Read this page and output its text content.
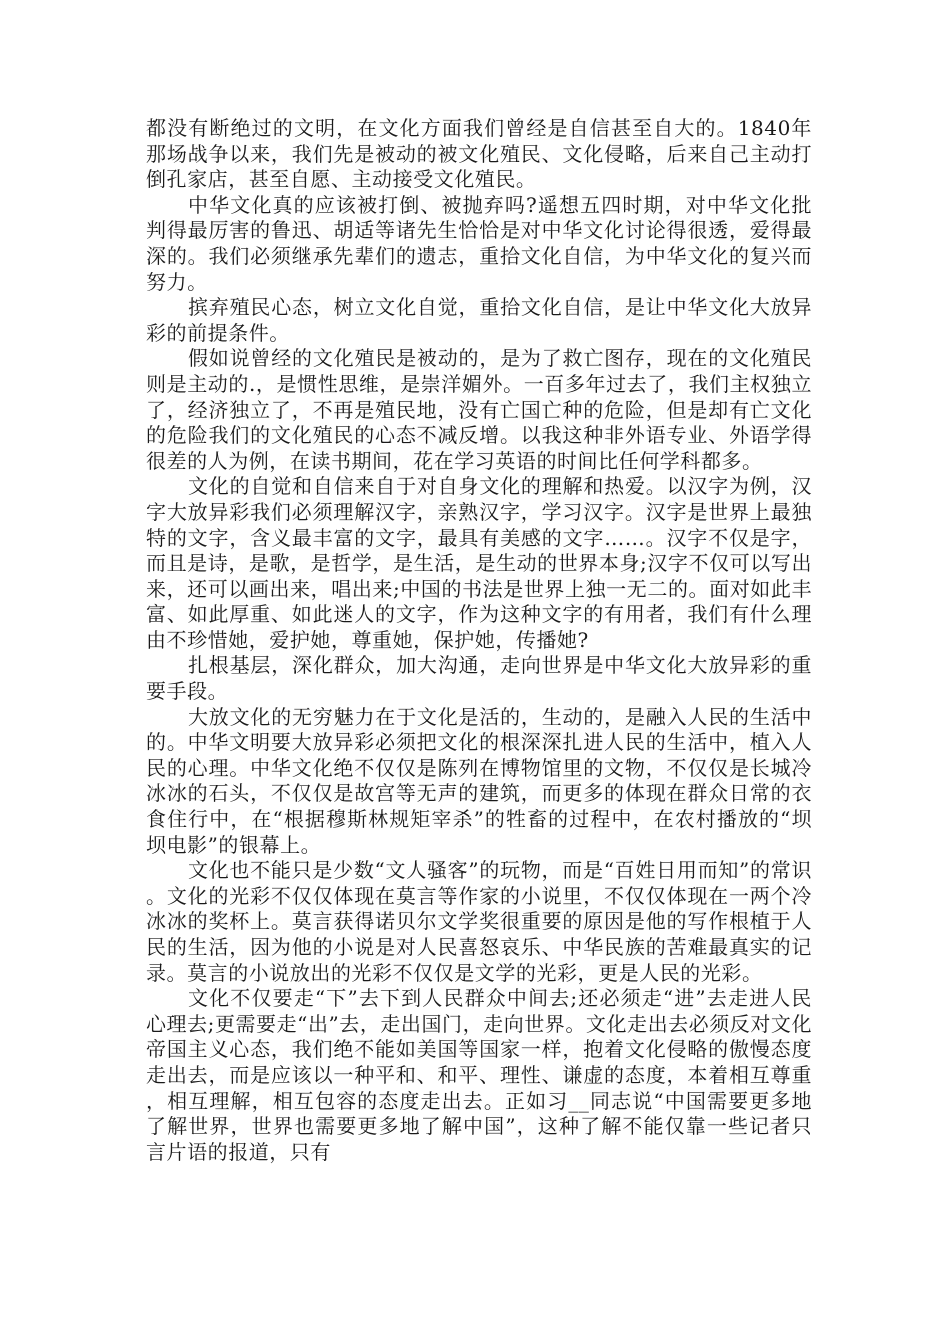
都没有断绝过的文明，在文化方面我们曾经是自信甚至自大的。1840年那场战争以来，我们先是被动的被文化殖民、文化侵略，后来自己主动打倒孔家店，甚至自愿、主动接受文化殖民。

中华文化真的应该被打倒、被抛弃吗?遥想五四时期，对中华文化批判得最厉害的鲁迅、胡适等诸先生恰恰是对中华文化讨论得很透，爱得最深的。我们必须继承先辈们的遗志，重拾文化自信，为中华文化的复兴而努力。

摈弃殖民心态，树立文化自觉，重拾文化自信，是让中华文化大放异彩的前提条件。

假如说曾经的文化殖民是被动的，是为了救亡图存，现在的文化殖民则是主动的.，是惯性思维，是崇洋媚外。一百多年过去了，我们主权独立了，经济独立了，不再是殖民地，没有亡国亡种的危险，但是却有亡文化的危险我们的文化殖民的心态不减反增。以我这种非外语专业、外语学得很差的人为例，在读书期间，花在学习英语的时间比任何学科都多。

文化的自觉和自信来自于对自身文化的理解和热爱。以汉字为例，汉字大放异彩我们必须理解汉字，亲熟汉字，学习汉字。汉字是世界上最独特的文字，含义最丰富的文字，最具有美感的文字……。汉字不仅是字，而且是诗，是歌，是哲学，是生活，是生动的世界本身;汉字不仅可以写出来，还可以画出来，唱出来;中国的书法是世界上独一无二的。面对如此丰富、如此厚重、如此迷人的文字，作为这种文字的有用者，我们有什么理由不珍惜她，爱护她，尊重她，保护她，传播她?

扎根基层，深化群众，加大沟通，走向世界是中华文化大放异彩的重要手段。

大放文化的无穷魅力在于文化是活的，生动的，是融入人民的生活中的。中华文明要大放异彩必须把文化的根深深扎进人民的生活中，植入人民的心理。中华文化绝不仅仅是陈列在博物馆里的文物，不仅仅是长城冷冰冰的石头，不仅仅是故宫等无声的建筑，而更多的体现在群众日常的衣食住行中，在“根据穆斯林规矩宰杀”的牲畜的过程中，在农村播放的“坝坝电影”的银幕上。

文化也不能只是少数“文人骚客”的玩物，而是“百姓日用而知”的常识。文化的光彩不仅仅体现在莫言等作家的小说里，不仅仅体现在一两个冷冰冰的奖杯上。莫言获得诺贝尔文学奖很重要的原因是他的写作根植于人民的生活，因为他的小说是对人民喜怒哀乐、中华民族的苦难最真实的记录。莫言的小说放出的光彩不仅仅是文学的光彩，更是人民的光彩。

文化不仅要走“下”去下到人民群众中间去;还必须走“进”去走进人民心理去;更需要走“出”去，走出国门，走向世界。文化走出去必须反对文化帝国主义心态，我们绝不能如美国等国家一样，抱着文化侵略的傲慢态度走出去，而是应该以一种平和、和平、理性、谦虚的态度，本着相互尊重，相互理解，相互包容的态度走出去。正如习__同志说“中国需要更多地了解世界，世界也需要更多地了解中国”，这种了解不能仅靠一些记者只言片语的报道，只有
